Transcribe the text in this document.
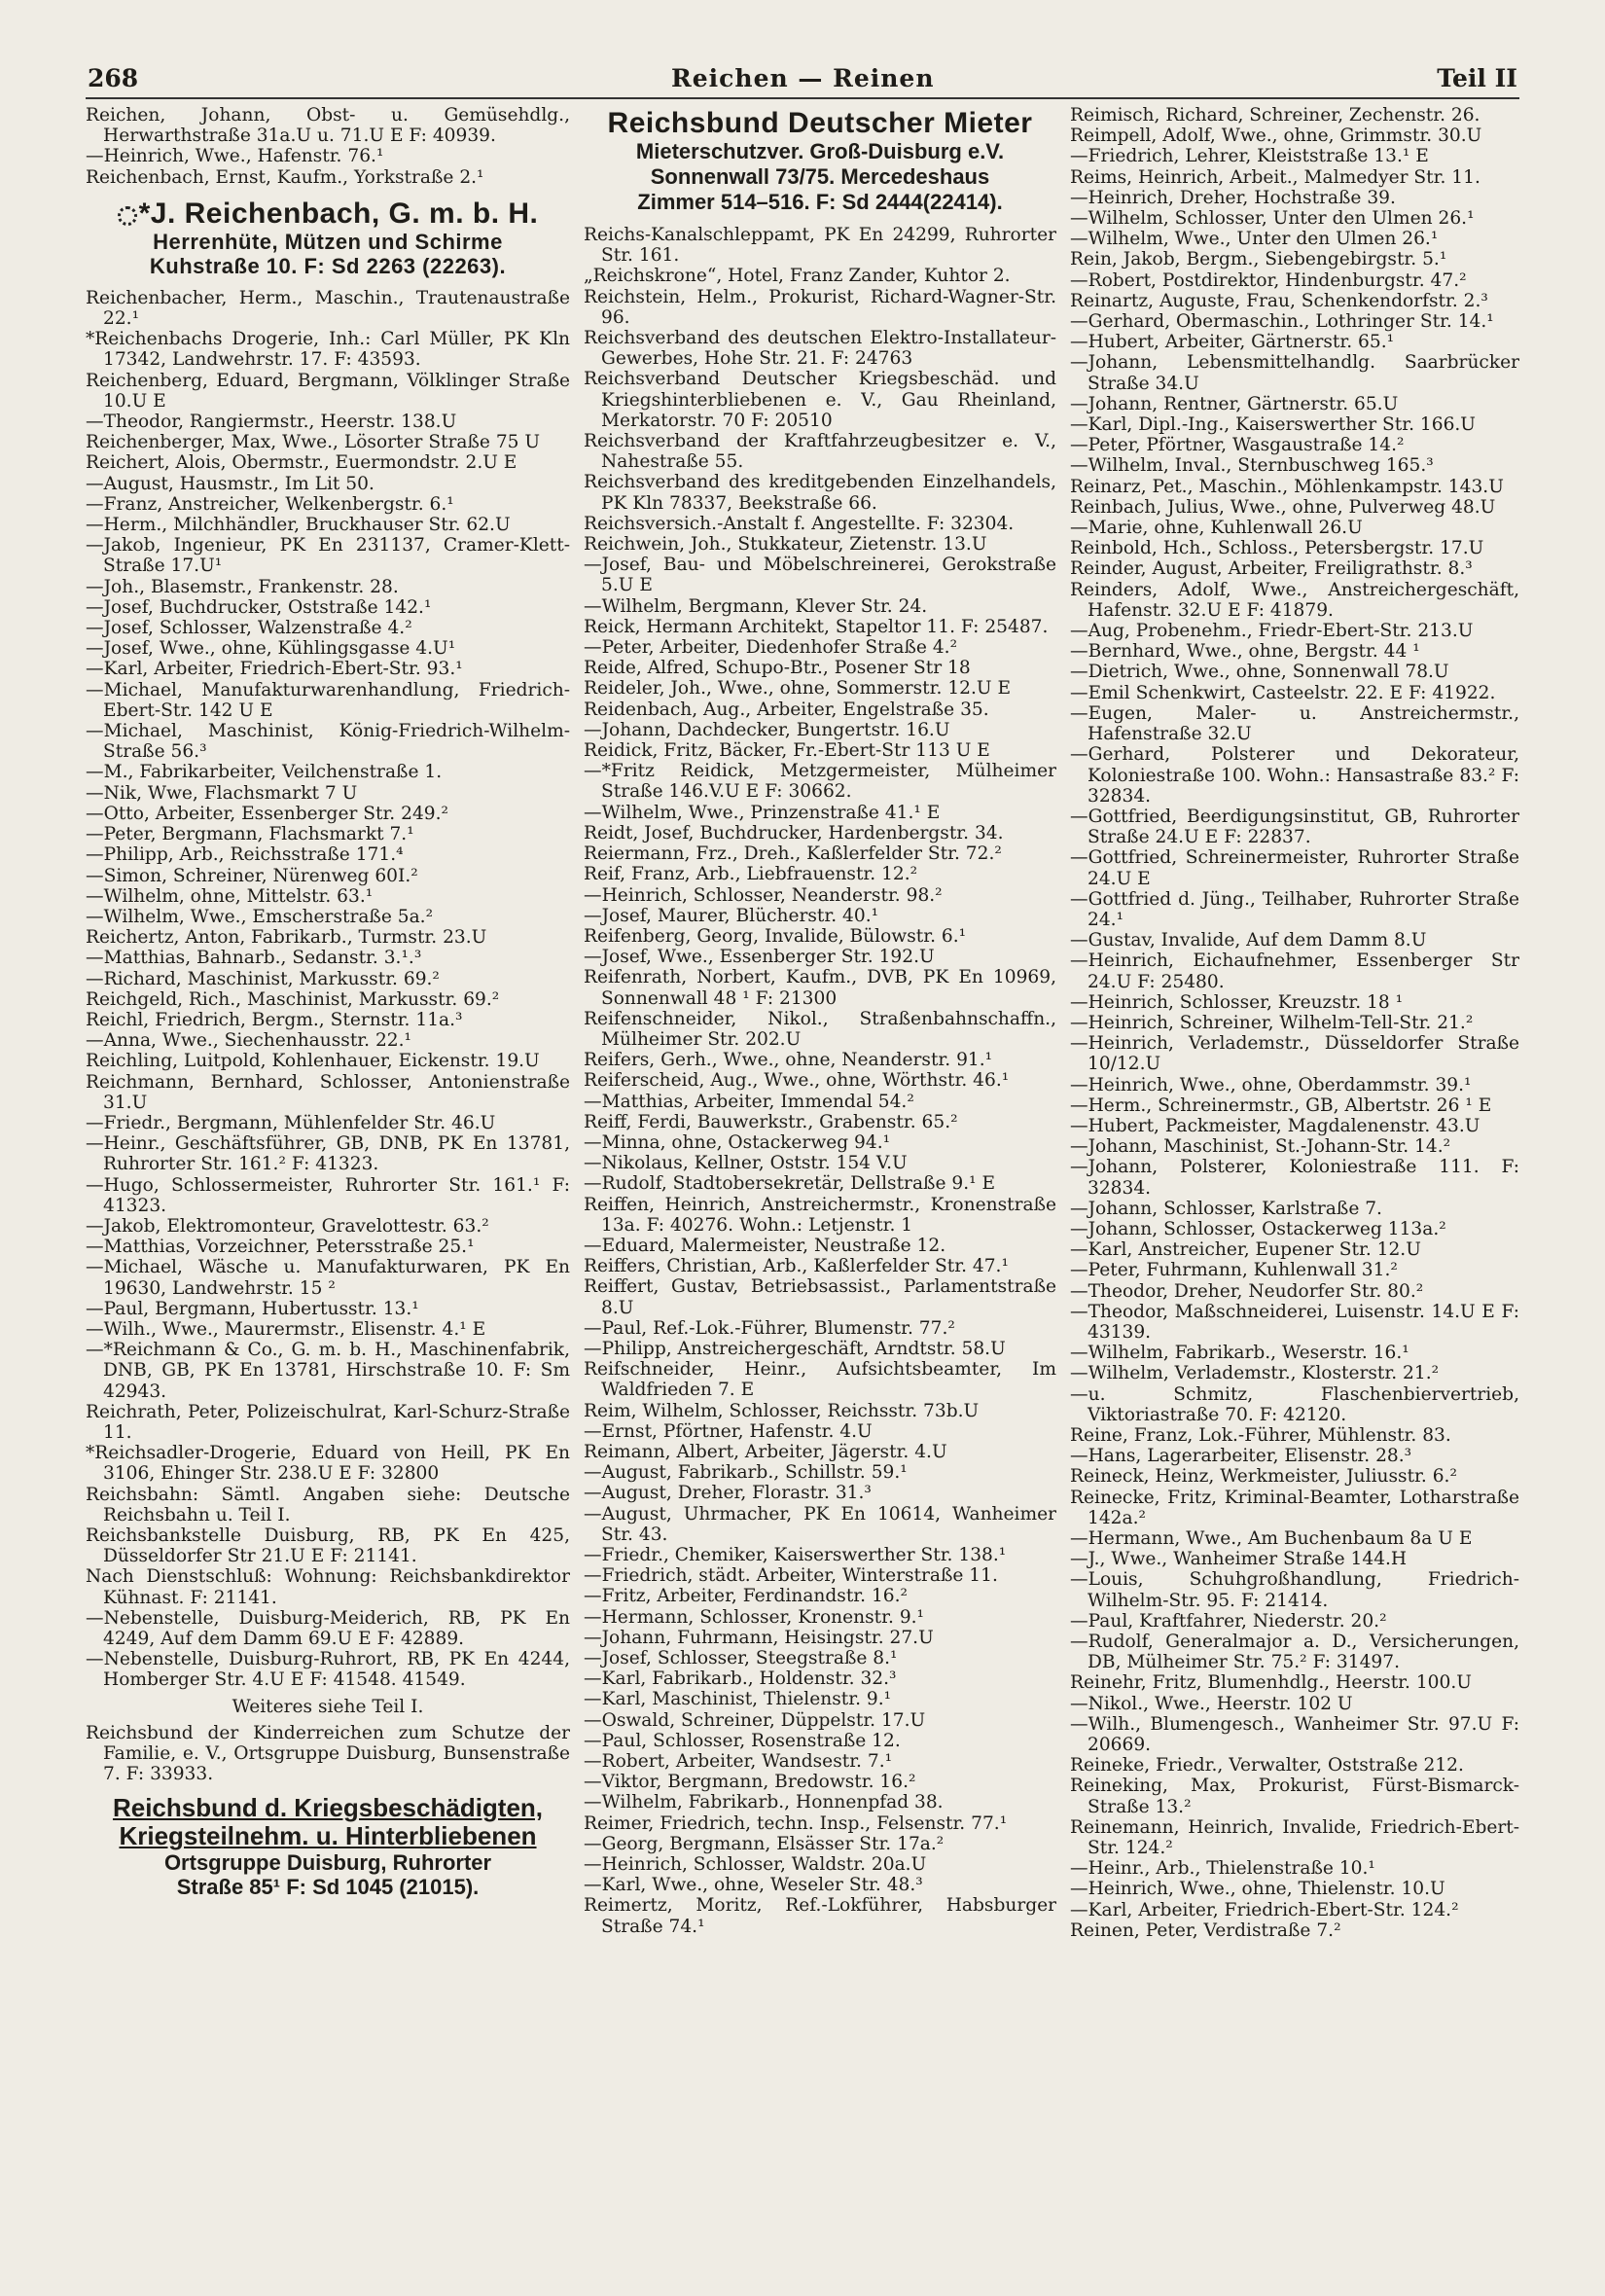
268	Reichen — Reinen	Teil II

Reichen, Johann, Obst- u. Gemüsehdlg., Herwarthstraße 31a.U u. 71.U E F: 40939.

—Heinrich, Wwe., Hafenstr. 76.¹

Reichenbach, Ernst, Kaufm., Yorkstraße 2.¹

*J. Reichenbach, G. m. b. H.
Herrenhüte, Mützen und Schirme
Kuhstraße 10. F: Sd 2263 (22263).

Reichenbacher, Herm., Maschin., Trautenaustraße 22.¹

*Reichenbachs Drogerie, Inh.: Carl Müller, PK Kln 17342, Landwehrstr. 17. F: 43593.

Reichenberg, Eduard, Bergmann, Völklinger Straße 10.U E

—Theodor, Rangiermstr., Heerstr. 138.U

Reichenberger, Max, Wwe., Lösorter Straße 75 U

Reichert, Alois, Obermstr., Euermondstr. 2.U E

—August, Hausmstr., Im Lit 50.

—Franz, Anstreicher, Welkenbergstr. 6.¹

—Herm., Milchhändler, Bruckhauser Str. 62.U

—Jakob, Ingenieur, PK En 231137, Cramer-Klett-Straße 17.U¹

—Joh., Blasemstr., Frankenstr. 28.

—Josef, Buchdrucker, Oststraße 142.¹

—Josef, Schlosser, Walzenstraße 4.²

—Josef, Wwe., ohne, Kühlingsgasse 4.U¹

—Karl, Arbeiter, Friedrich-Ebert-Str. 93.¹

—Michael, Manufakturwarenhandlung, Friedrich-Ebert-Str. 142 U E

—Michael, Maschinist, König-Friedrich-Wilhelm-Straße 56.³

—M., Fabrikarbeiter, Veilchenstraße 1.

—Nik, Wwe, Flachsmarkt 7 U

—Otto, Arbeiter, Essenberger Str. 249.²

—Peter, Bergmann, Flachsmarkt 7.¹

—Philipp, Arb., Reichsstraße 171.⁴

—Simon, Schreiner, Nürenweg 60I.²

—Wilhelm, ohne, Mittelstr. 63.¹

—Wilhelm, Wwe., Emscherstraße 5a.²

Reichertz, Anton, Fabrikarb., Turmstr. 23.U

—Matthias, Bahnarb., Sedanstr. 3.¹.³

—Richard, Maschinist, Markusstr. 69.²

Reichgeld, Rich., Maschinist, Markusstr. 69.²

Reichl, Friedrich, Bergm., Sternstr. 11a.³

—Anna, Wwe., Siechenhausstr. 22.¹

Reichling, Luitpold, Kohlenhauer, Eickenstr. 19.U

Reichmann, Bernhard, Schlosser, Antonienstraße 31.U

—Friedr., Bergmann, Mühlenfelder Str. 46.U

—Heinr., Geschäftsführer, GB, DNB, PK En 13781, Ruhrorter Str. 161.² F: 41323.

—Hugo, Schlossermeister, Ruhrorter Str. 161.¹ F: 41323.

—Jakob, Elektromonteur, Gravelottestr. 63.²

—Matthias, Vorzeichner, Petersstraße 25.¹

—Michael, Wäsche u. Manufakturwaren, PK En 19630, Landwehrstr. 15 ²

—Paul, Bergmann, Hubertusstr. 13.¹

—Wilh., Wwe., Maurermstr., Elisenstr. 4.¹ E

—*Reichmann & Co., G. m. b. H., Maschinenfabrik, DNB, GB, PK En 13781, Hirschstraße 10. F: Sm 42943.

Reichrath, Peter, Polizeischulrat, Karl-Schurz-Straße 11.

*Reichsadler-Drogerie, Eduard von Heill, PK En 3106, Ehinger Str. 238.U E F: 32800

Reichsbahn: Sämtl. Angaben siehe: Deutsche Reichsbahn u. Teil I.

Reichsbankstelle Duisburg, RB, PK En 425, Düsseldorfer Str 21.U E F: 21141.

Nach Dienstschluß: Wohnung: Reichsbankdirektor Kühnast. F: 21141.

—Nebenstelle, Duisburg-Meiderich, RB, PK En 4249, Auf dem Damm 69.U E F: 42889.

—Nebenstelle, Duisburg-Ruhrort, RB, PK En 4244, Homberger Str. 4.U E F: 41548. 41549.

Weiteres siehe Teil I.

Reichsbund der Kinderreichen zum Schutze der Familie, e. V., Ortsgruppe Duisburg, Bunsenstraße 7. F: 33933.

Reichsbund d. Kriegsbeschädigten,
Kriegsteilnehm. u. Hinterbliebenen
Ortsgruppe Duisburg, Ruhrorter
Straße 85¹ F: Sd 1045 (21015).
Reichsbund Deutscher Mieter
Mieterschutzver. Groß-Duisburg e.V.
Sonnenwall 73/75. Mercedeshaus
Zimmer 514–516. F: Sd 2444(22414).

Reichs-Kanalschleppamt, PK En 24299, Ruhrorter Str. 161.

„Reichskrone“, Hotel, Franz Zander, Kuhtor 2.

Reichstein, Helm., Prokurist, Richard-Wagner-Str. 96.

Reichsverband des deutschen Elektro-Installateur-Gewerbes, Hohe Str. 21. F: 24763

Reichsverband Deutscher Kriegsbeschäd. und Kriegshinterbliebenen e. V., Gau Rheinland, Merkatorstr. 70 F: 20510

Reichsverband der Kraftfahrzeugbesitzer e. V., Nahestraße 55.

Reichsverband des kreditgebenden Einzelhandels, PK Kln 78337, Beekstraße 66.

Reichsversich.-Anstalt f. Angestellte. F: 32304.

Reichwein, Joh., Stukkateur, Zietenstr. 13.U

—Josef, Bau- und Möbelschreinerei, Gerokstraße 5.U E

—Wilhelm, Bergmann, Klever Str. 24.

Reick, Hermann Architekt, Stapeltor 11. F: 25487.

—Peter, Arbeiter, Diedenhofer Straße 4.²

Reide, Alfred, Schupo-Btr., Posener Str 18

Reideler, Joh., Wwe., ohne, Sommerstr. 12.U E

Reidenbach, Aug., Arbeiter, Engelstraße 35.

—Johann, Dachdecker, Bungertstr. 16.U

Reidick, Fritz, Bäcker, Fr.-Ebert-Str 113 U E

—*Fritz Reidick, Metzgermeister, Mülheimer Straße 146.V.U E F: 30662.

—Wilhelm, Wwe., Prinzenstraße 41.¹ E

Reidt, Josef, Buchdrucker, Hardenbergstr. 34.

Reiermann, Frz., Dreh., Kaßlerfelder Str. 72.²

Reif, Franz, Arb., Liebfrauenstr. 12.²

—Heinrich, Schlosser, Neanderstr. 98.²

—Josef, Maurer, Blücherstr. 40.¹

Reifenberg, Georg, Invalide, Bülowstr. 6.¹

—Josef, Wwe., Essenberger Str. 192.U

Reifenrath, Norbert, Kaufm., DVB, PK En 10969, Sonnenwall 48 ¹ F: 21300

Reifenschneider, Nikol., Straßenbahnschaffn., Mülheimer Str. 202.U

Reifers, Gerh., Wwe., ohne, Neanderstr. 91.¹

Reiferscheid, Aug., Wwe., ohne, Wörthstr. 46.¹

—Matthias, Arbeiter, Immendal 54.²

Reiff, Ferdi, Bauwerkstr., Grabenstr. 65.²

—Minna, ohne, Ostackerweg 94.¹

—Nikolaus, Kellner, Oststr. 154 V.U

—Rudolf, Stadtobersekretär, Dellstraße 9.¹ E

Reiffen, Heinrich, Anstreichermstr., Kronenstraße 13a. F: 40276. Wohn.: Letjenstr. 1

—Eduard, Malermeister, Neustraße 12.

Reiffers, Christian, Arb., Kaßlerfelder Str. 47.¹

Reiffert, Gustav, Betriebsassist., Parlamentstraße 8.U

—Paul, Ref.-Lok.-Führer, Blumenstr. 77.²

—Philipp, Anstreichergeschäft, Arndtstr. 58.U

Reifschneider, Heinr., Aufsichtsbeamter, Im Waldfrieden 7. E

Reim, Wilhelm, Schlosser, Reichsstr. 73b.U

—Ernst, Pförtner, Hafenstr. 4.U

Reimann, Albert, Arbeiter, Jägerstr. 4.U

—August, Fabrikarb., Schillstr. 59.¹

—August, Dreher, Florastr. 31.³

—August, Uhrmacher, PK En 10614, Wanheimer Str. 43.

—Friedr., Chemiker, Kaiserswerther Str. 138.¹

—Friedrich, städt. Arbeiter, Winterstraße 11.

—Fritz, Arbeiter, Ferdinandstr. 16.²

—Hermann, Schlosser, Kronenstr. 9.¹

—Johann, Fuhrmann, Heisingstr. 27.U

—Josef, Schlosser, Steegstraße 8.¹

—Karl, Fabrikarb., Holdenstr. 32.³

—Karl, Maschinist, Thielenstr. 9.¹

—Oswald, Schreiner, Düppelstr. 17.U

—Paul, Schlosser, Rosenstraße 12.

—Robert, Arbeiter, Wandsestr. 7.¹

—Viktor, Bergmann, Bredowstr. 16.²

—Wilhelm, Fabrikarb., Honnenpfad 38.

Reimer, Friedrich, techn. Insp., Felsenstr. 77.¹

—Georg, Bergmann, Elsässer Str. 17a.²

—Heinrich, Schlosser, Waldstr. 20a.U

—Karl, Wwe., ohne, Weseler Str. 48.³

Reimertz, Moritz, Ref.-Lokführer, Habsburger Straße 74.¹

Reimisch, Richard, Schreiner, Zechenstr. 26.

Reimpell, Adolf, Wwe., ohne, Grimmstr. 30.U

—Friedrich, Lehrer, Kleiststraße 13.¹ E

Reims, Heinrich, Arbeit., Malmedyer Str. 11.

—Heinrich, Dreher, Hochstraße 39.

—Wilhelm, Schlosser, Unter den Ulmen 26.¹

—Wilhelm, Wwe., Unter den Ulmen 26.¹

Rein, Jakob, Bergm., Siebengebirgstr. 5.¹

—Robert, Postdirektor, Hindenburgstr. 47.²

Reinartz, Auguste, Frau, Schenkendorfstr. 2.³

—Gerhard, Obermaschin., Lothringer Str. 14.¹

—Hubert, Arbeiter, Gärtnerstr. 65.¹

—Johann, Lebensmittelhandlg. Saarbrücker Straße 34.U

—Johann, Rentner, Gärtnerstr. 65.U

—Karl, Dipl.-Ing., Kaiserswerther Str. 166.U

—Peter, Pförtner, Wasgaustraße 14.²

—Wilhelm, Inval., Sternbuschweg 165.³

Reinarz, Pet., Maschin., Möhlenkampstr. 143.U

Reinbach, Julius, Wwe., ohne, Pulverweg 48.U

—Marie, ohne, Kuhlenwall 26.U

Reinbold, Hch., Schloss., Petersbergstr. 17.U

Reinder, August, Arbeiter, Freiligrathstr. 8.³

Reinders, Adolf, Wwe., Anstreichergeschäft, Hafenstr. 32.U E F: 41879.

—Aug, Probenehm., Friedr-Ebert-Str. 213.U

—Bernhard, Wwe., ohne, Bergstr. 44 ¹

—Dietrich, Wwe., ohne, Sonnenwall 78.U

—Emil Schenkwirt, Casteelstr. 22. E F: 41922.

—Eugen, Maler- u. Anstreichermstr., Hafenstraße 32.U

—Gerhard, Polsterer und Dekorateur, Koloniestraße 100. Wohn.: Hansastraße 83.² F: 32834.

—Gottfried, Beerdigungsinstitut, GB, Ruhrorter Straße 24.U E F: 22837.

—Gottfried, Schreinermeister, Ruhrorter Straße 24.U E

—Gottfried d. Jüng., Teilhaber, Ruhrorter Straße 24.¹

—Gustav, Invalide, Auf dem Damm 8.U

—Heinrich, Eichaufnehmer, Essenberger Str 24.U F: 25480.

—Heinrich, Schlosser, Kreuzstr. 18 ¹

—Heinrich, Schreiner, Wilhelm-Tell-Str. 21.²

—Heinrich, Verlademstr., Düsseldorfer Straße 10/12.U

—Heinrich, Wwe., ohne, Oberdammstr. 39.¹

—Herm., Schreinermstr., GB, Albertstr. 26 ¹ E

—Hubert, Packmeister, Magdalenenstr. 43.U

—Johann, Maschinist, St.-Johann-Str. 14.²

—Johann, Polsterer, Koloniestraße 111. F: 32834.

—Johann, Schlosser, Karlstraße 7.

—Johann, Schlosser, Ostackerweg 113a.²

—Karl, Anstreicher, Eupener Str. 12.U

—Peter, Fuhrmann, Kuhlenwall 31.²

—Theodor, Dreher, Neudorfer Str. 80.²

—Theodor, Maßschneiderei, Luisenstr. 14.U E F: 43139.

—Wilhelm, Fabrikarb., Weserstr. 16.¹

—Wilhelm, Verlademstr., Klosterstr. 21.²

—u. Schmitz, Flaschenbiervertrieb, Viktoriastraße 70. F: 42120.

Reine, Franz, Lok.-Führer, Mühlenstr. 83.

—Hans, Lagerarbeiter, Elisenstr. 28.³

Reineck, Heinz, Werkmeister, Juliusstr. 6.²

Reinecke, Fritz, Kriminal-Beamter, Lotharstraße 142a.²

—Hermann, Wwe., Am Buchenbaum 8a U E

—J., Wwe., Wanheimer Straße 144.H

—Louis, Schuhgroßhandlung, Friedrich-Wilhelm-Str. 95. F: 21414.

—Paul, Kraftfahrer, Niederstr. 20.²

—Rudolf, Generalmajor a. D., Versicherungen, DB, Mülheimer Str. 75.² F: 31497.

Reinehr, Fritz, Blumenhdlg., Heerstr. 100.U

—Nikol., Wwe., Heerstr. 102 U

—Wilh., Blumengesch., Wanheimer Str. 97.U F: 20669.

Reineke, Friedr., Verwalter, Oststraße 212.

Reineking, Max, Prokurist, Fürst-Bismarck-Straße 13.²

Reinemann, Heinrich, Invalide, Friedrich-Ebert-Str. 124.²

—Heinr., Arb., Thielenstraße 10.¹

—Heinrich, Wwe., ohne, Thielenstr. 10.U

—Karl, Arbeiter, Friedrich-Ebert-Str. 124.²

Reinen, Peter, Verdistraße 7.²
